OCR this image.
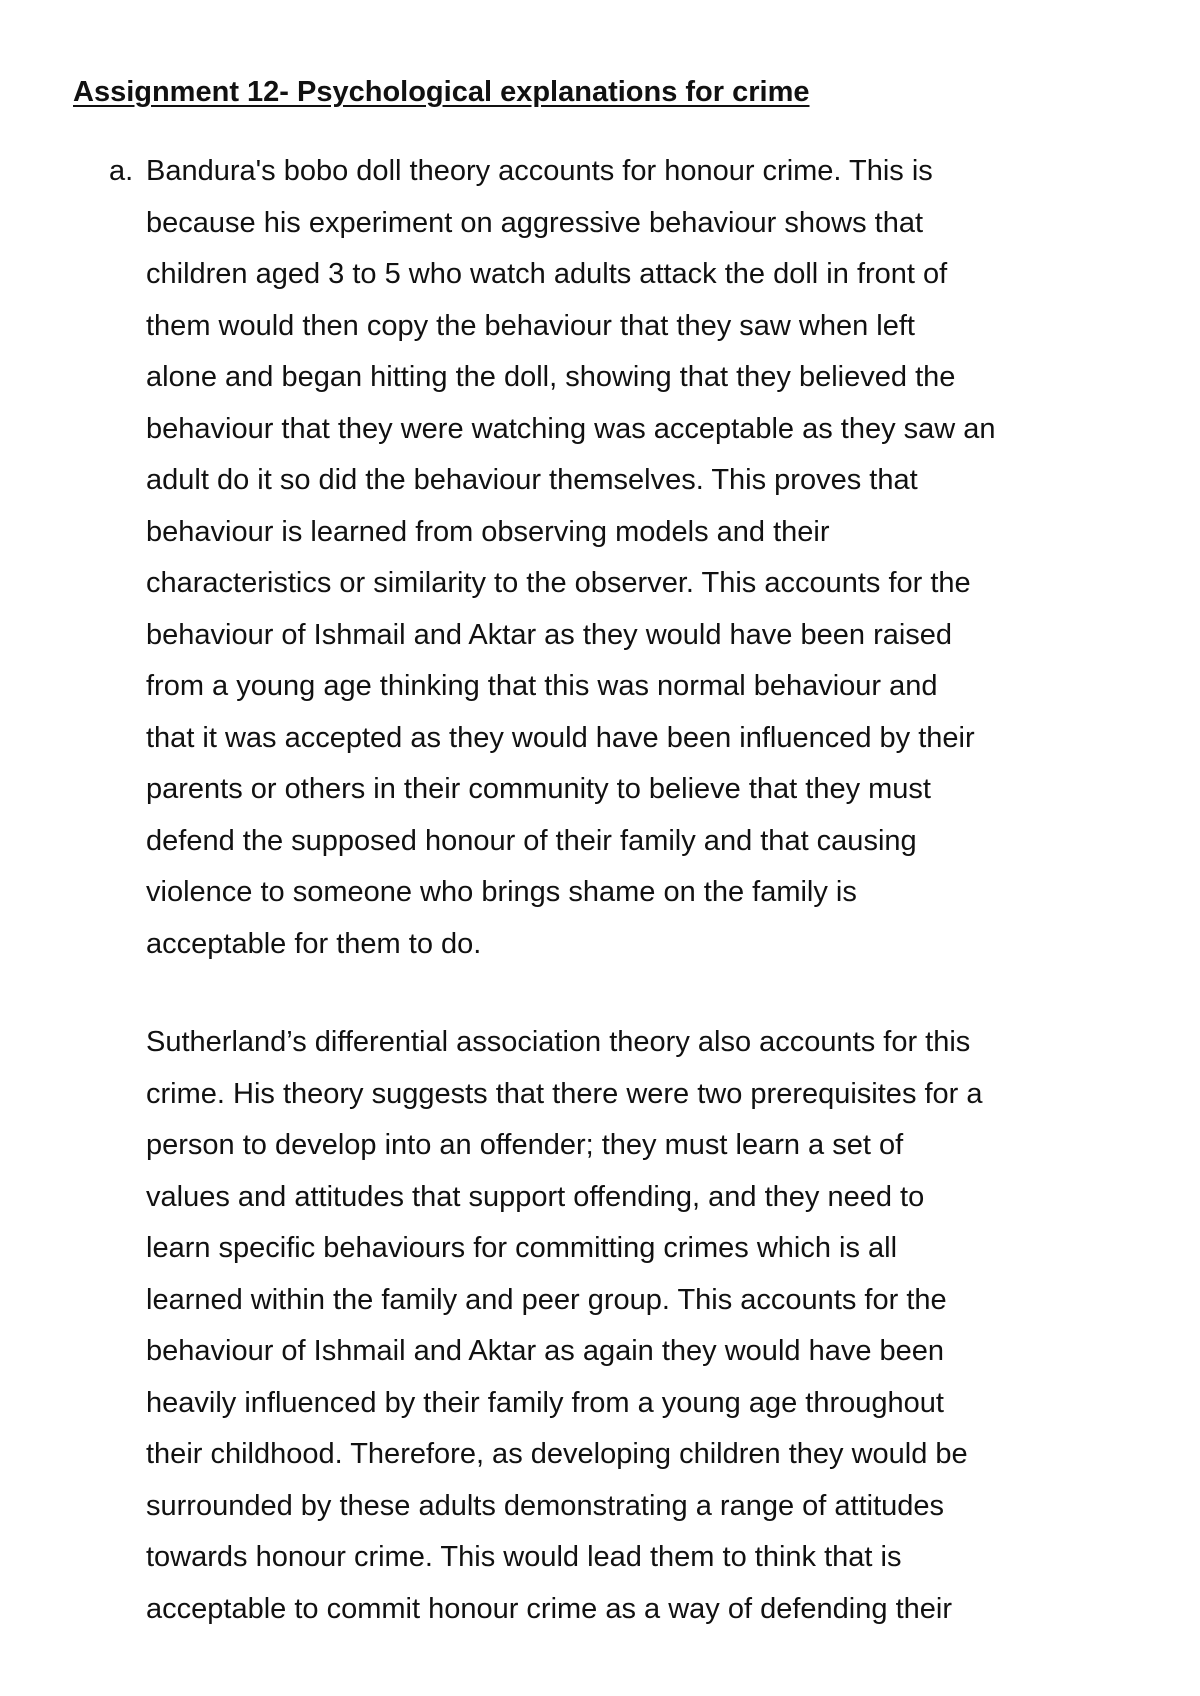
Assignment 12- Psychological explanations for crime
a. Bandura's bobo doll theory accounts for honour crime. This is
because his experiment on aggressive behaviour shows that
children aged 3 to 5 who watch adults attack the doll in front of
them would then copy the behaviour that they saw when left
alone and began hitting the doll, showing that they believed the
behaviour that they were watching was acceptable as they saw an
adult do it so did the behaviour themselves. This proves that
behaviour is learned from observing models and their
characteristics or similarity to the observer. This accounts for the
behaviour of Ishmail and Aktar as they would have been raised
from a young age thinking that this was normal behaviour and
that it was accepted as they would have been influenced by their
parents or others in their community to believe that they must
defend the supposed honour of their family and that causing
violence to someone who brings shame on the family is
acceptable for them to do.
Sutherland’s differential association theory also accounts for this
crime. His theory suggests that there were two prerequisites for a
person to develop into an offender; they must learn a set of
values and attitudes that support offending, and they need to
learn specific behaviours for committing crimes which is all
learned within the family and peer group. This accounts for the
behaviour of Ishmail and Aktar as again they would have been
heavily influenced by their family from a young age throughout
their childhood. Therefore, as developing children they would be
surrounded by these adults demonstrating a range of attitudes
towards honour crime. This would lead them to think that is
acceptable to commit honour crime as a way of defending their
